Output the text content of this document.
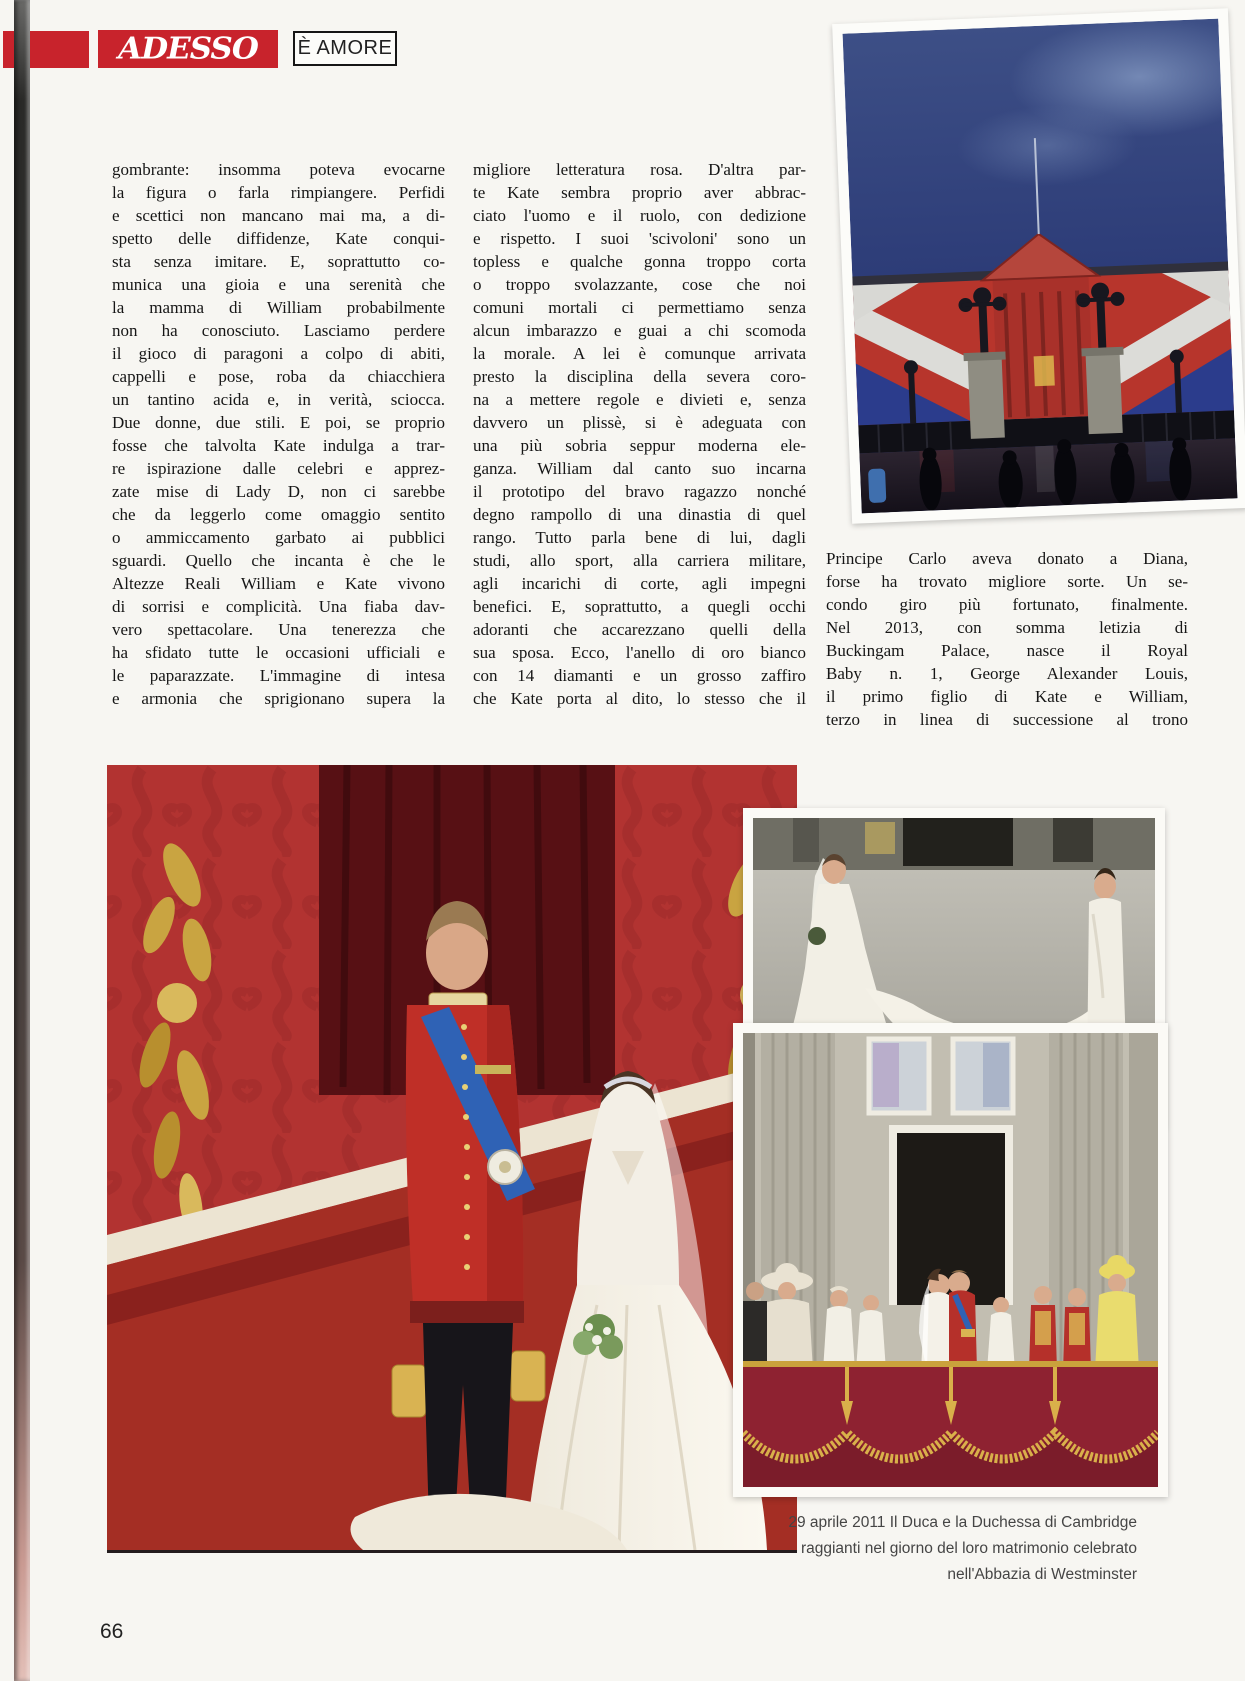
ADESSO È AMORE
gombrante: insomma poteva evocarne
la figura o farla rimpiangere. Perfidi
e scettici non mancano mai ma, a di-
spetto delle diffidenze, Kate conqui-
sta senza imitare. E, soprattutto co-
munica una gioia e una serenità che
la mamma di William probabilmente
non ha conosciuto. Lasciamo perdere
il gioco di paragoni a colpo di abiti,
cappelli e pose, roba da chiacchiera
un tantino acida e, in verità, sciocca.
Due donne, due stili. E poi, se proprio
fosse che talvolta Kate indulga a trar-
re ispirazione dalle celebri e apprez-
zate mise di Lady D, non ci sarebbe
che da leggerlo come omaggio sentito
o ammiccamento garbato ai pubblici
sguardi. Quello che incanta è che le
Altezze Reali William e Kate vivono
di sorrisi e complicità. Una fiaba dav-
vero spettacolare. Una tenerezza che
ha sfidato tutte le occasioni ufficiali e
le paparazzate. L'immagine di intesa
e armonia che sprigionano supera la
migliore letteratura rosa. D'altra par-
te Kate sembra proprio aver abbrac-
ciato l'uomo e il ruolo, con dedizione
e rispetto. I suoi 'scivoloni' sono un
topless e qualche gonna troppo corta
o troppo svolazzante, cose che noi
comuni mortali ci permettiamo senza
alcun imbarazzo e guai a chi scomoda
la morale. A lei è comunque arrivata
presto la disciplina della severa coro-
na a mettere regole e divieti e, senza
davvero un plissè, si è adeguata con
una più sobria seppur moderna ele-
ganza. William dal canto suo incarna
il prototipo del bravo ragazzo nonché
degno rampollo di una dinastia di quel
rango. Tutto parla bene di lui, dagli
studi, allo sport, alla carriera militare,
agli incarichi di corte, agli impegni
benefici. E, soprattutto, a quegli occhi
adoranti che accarezzano quelli della
sua sposa. Ecco, l'anello di oro bianco
con 14 diamanti e un grosso zaffiro
che Kate porta al dito, lo stesso che il
Principe Carlo aveva donato a Diana,
forse ha trovato migliore sorte. Un se-
condo giro più fortunato, finalmente.
Nel 2013, con somma letizia di
Buckingam Palace, nasce il Royal
Baby n. 1, George Alexander Louis,
il primo figlio di Kate e William,
terzo in linea di successione al trono
29 aprile 2011 Il Duca e la Duchessa di Cambridge
raggianti nel giorno del loro matrimonio celebrato
nell'Abbazia di Westminster
66
